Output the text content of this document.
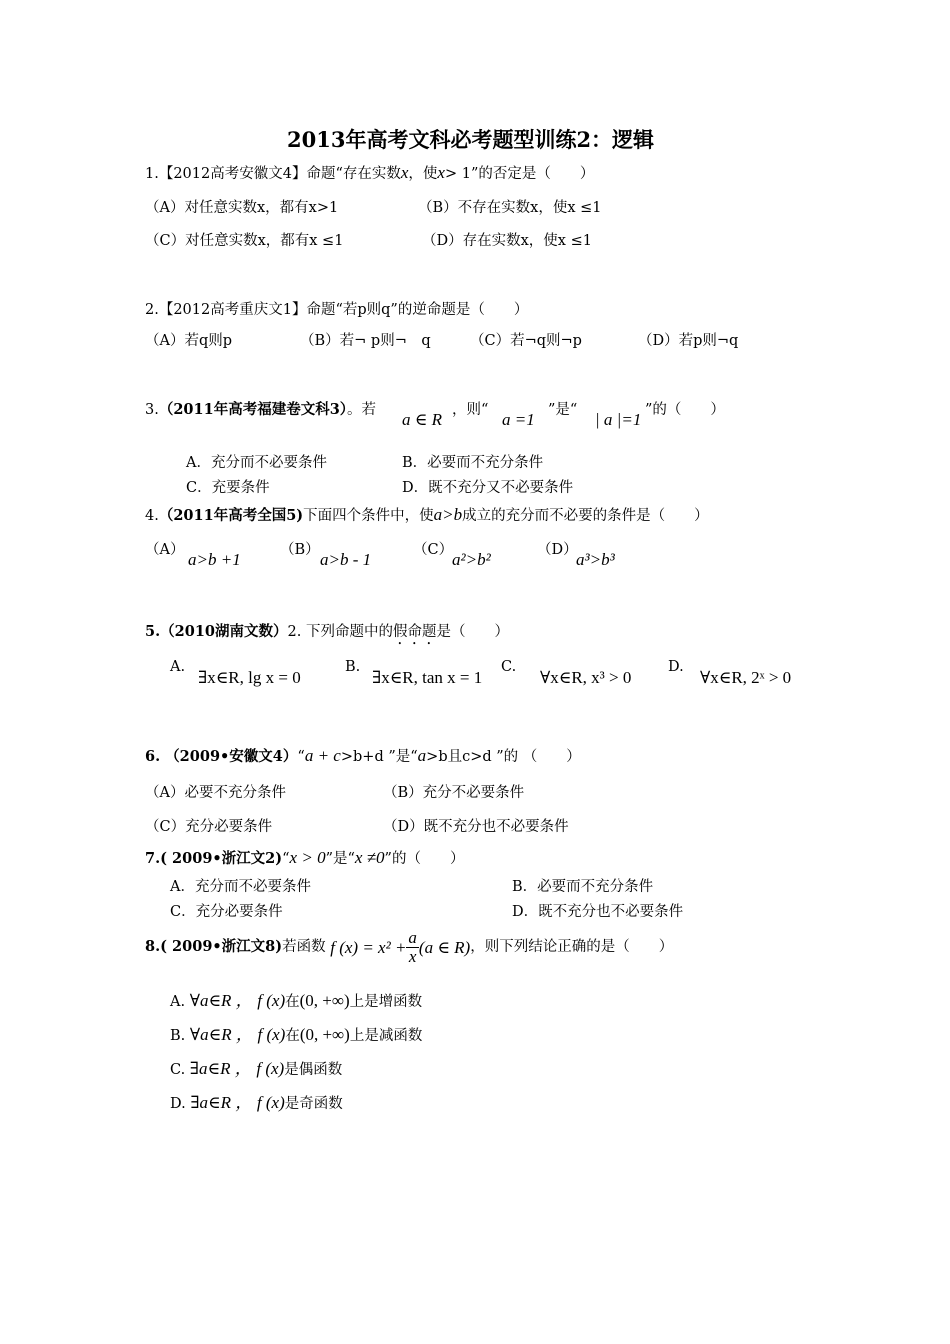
2013年高考文科必考题型训练2：逻辑
1.【2012高考安徽文4】命题“存在实数x，使x> 1”的否定是（　　）
（A）对任意实数x，都有x>1	（B）不存在实数x，使x ≤1
（C）对任意实数x，都有x ≤1	（D）存在实数x，使x ≤1
2.【2012高考重庆文1】命题“若p则q”的逆命题是（　　）
（A）若q则p	（B）若¬ p则¬　q	（C）若¬q则¬p	（D）若p则¬q
3.（2011年高考福建卷文科3）。若 a ∈ R ，则“ a =1 ”是“ | a |=1 ”的（　　）
A．充分而不必要条件	B．必要而不充分条件
C．充要条件	D．既不充分又不必要条件
4.（2011年高考全国5)下面四个条件中，使a>b成立的充分而不必要的条件是（　　）
（A） a>b +1	（B） a>b - 1	（C）
a²>b²	（D）
a³>b³
5.（2010湖南文数）2. 下列命题中的假命题是（　　）
A.
∃x∈R, lg x = 0
B.
∃x∈R, tan x = 1
C.
∀x∈R, x³ > 0
D.
∀x∈R, 2ˣ > 0
6. （2009•安徽文4）“a + c>b+d ”是“a>b且c>d ”的 （　　）
（A）必要不充分条件	（B）充分不必要条件
（C）充分必要条件	（D）既不充分也不必要条件
7.( 2009•浙江文2)“x > 0”是“x ≠0”的（　　）
A．充分而不必要条件	B．必要而不充分条件
C．充分必要条件	D．既不充分也不必要条件
8.( 2009•浙江文8)若函数 f $(x) = x^2 + \frac{a}{x} (a$ ∈ R)，则下列结论正确的是（　　）
A. ∀a∈R ， f (x)在(0, +∞)上是增函数
B. ∀a∈R ， f (x)在(0, +∞)上是减函数
C. ∃a∈R ， f (x)是偶函数
D. ∃a∈R ， f (x)是奇函数
